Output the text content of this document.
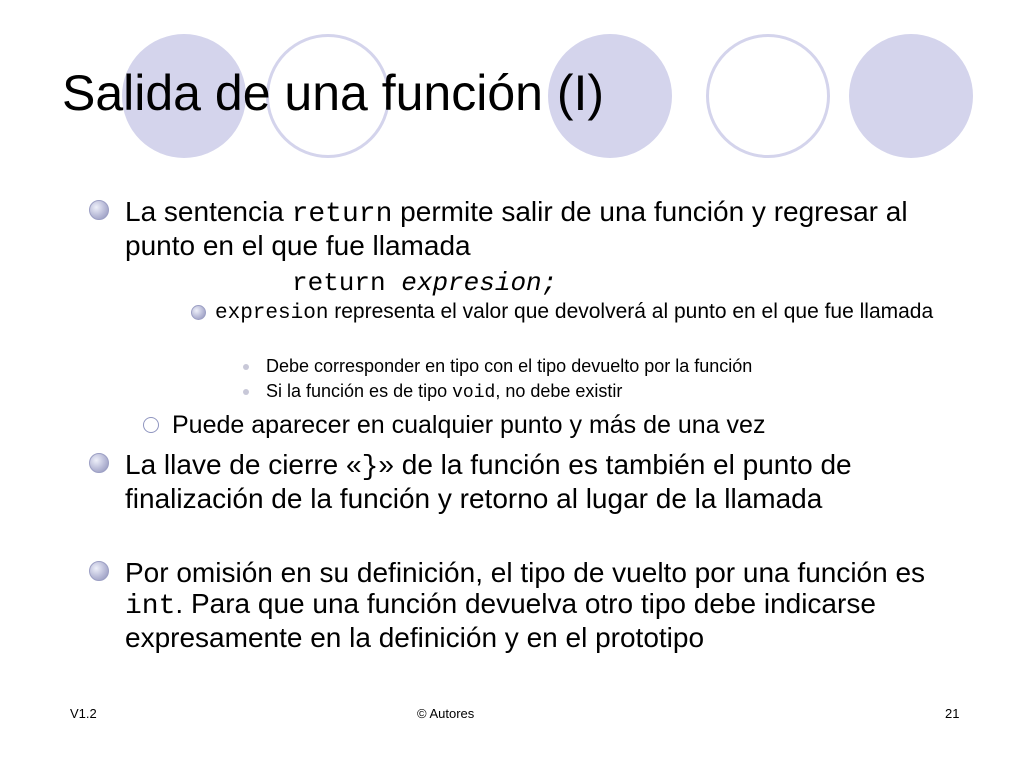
Salida de una función (I)

La sentencia return permite salir de una función y regresar al punto en el que fue llamada

return expresion;

expresion representa el valor que devolverá al punto en el que fue llamada

Debe corresponder en tipo con el tipo devuelto por la función

Si la función es de tipo void, no debe existir

Puede aparecer en cualquier punto y más de una vez

La llave de cierre «}» de la función es también el punto de finalización de la función y retorno al lugar de la llamada

Por omisión en su definición, el tipo de vuelto por una función es int. Para que una función devuelva otro tipo debe indicarse expresamente en la definición y en el prototipo

V1.2	© Autores	21
